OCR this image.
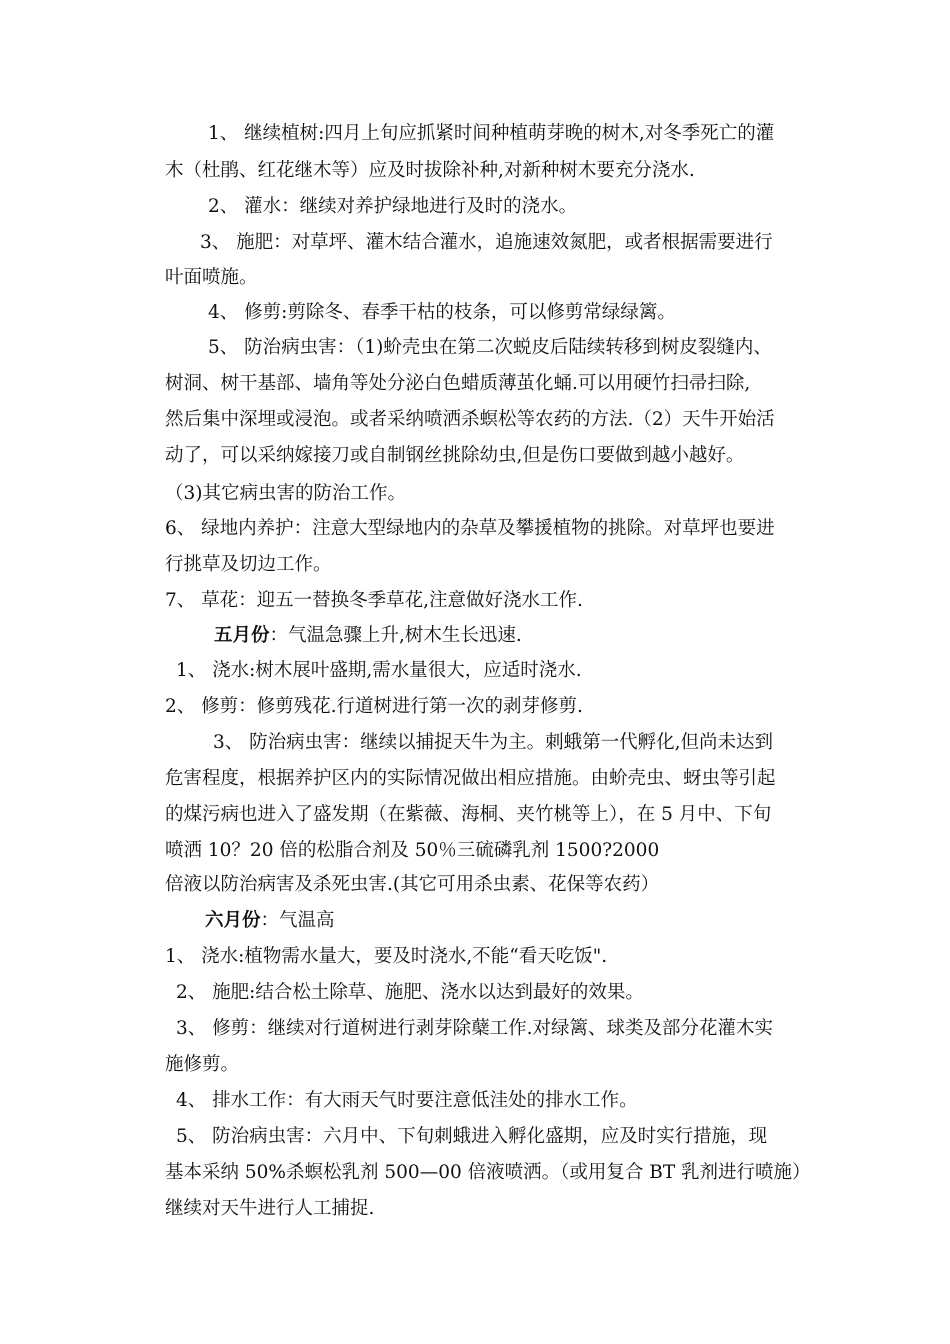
1、 继续植树:四月上旬应抓紧时间种植萌芽晚的树木,对冬季死亡的灌
木（杜鹃、红花继木等）应及时拔除补种,对新种树木要充分浇水.
2、 灌水：继续对养护绿地进行及时的浇水。
3、 施肥：对草坪、灌木结合灌水，追施速效氮肥，或者根据需要进行
叶面喷施。
4、 修剪:剪除冬、春季干枯的枝条，可以修剪常绿绿篱。
5、 防治病虫害：（1)蚧壳虫在第二次蜕皮后陆续转移到树皮裂缝内、
树洞、树干基部、墙角等处分泌白色蜡质薄茧化蛹.可以用硬竹扫帚扫除,
然后集中深埋或浸泡。或者采纳喷洒杀螟松等农药的方法.（2）天牛开始活
动了，可以采纳嫁接刀或自制钢丝挑除幼虫,但是伤口要做到越小越好。
（3)其它病虫害的防治工作。
6、 绿地内养护：注意大型绿地内的杂草及攀援植物的挑除。对草坪也要进
行挑草及切边工作。
7、 草花：迎五一替换冬季草花,注意做好浇水工作.
五月份：气温急骤上升,树木生长迅速.
1、 浇水:树木展叶盛期,需水量很大，应适时浇水.
2、 修剪：修剪残花.行道树进行第一次的剥芽修剪.
3、 防治病虫害：继续以捕捉天牛为主。刺蛾第一代孵化,但尚未达到
危害程度，根据养护区内的实际情况做出相应措施。由蚧壳虫、蚜虫等引起
的煤污病也进入了盛发期（在紫薇、海桐、夹竹桃等上），在 5 月中、下旬
喷洒 10？20 倍的松脂合剂及 50％三硫磷乳剂 1500?2000
倍液以防治病害及杀死虫害.(其它可用杀虫素、花保等农药）
六月份：气温高
1、 浇水:植物需水量大，要及时浇水,不能“看天吃饭".
2、 施肥:结合松土除草、施肥、浇水以达到最好的效果。
3、 修剪：继续对行道树进行剥芽除蘖工作.对绿篱、球类及部分花灌木实
施修剪。
4、 排水工作：有大雨天气时要注意低洼处的排水工作。
5、 防治病虫害：六月中、下旬刺蛾进入孵化盛期，应及时实行措施，现
基本采纳 50%杀螟松乳剂 500—00 倍液喷洒。（或用复合 BT 乳剂进行喷施）
继续对天牛进行人工捕捉.
